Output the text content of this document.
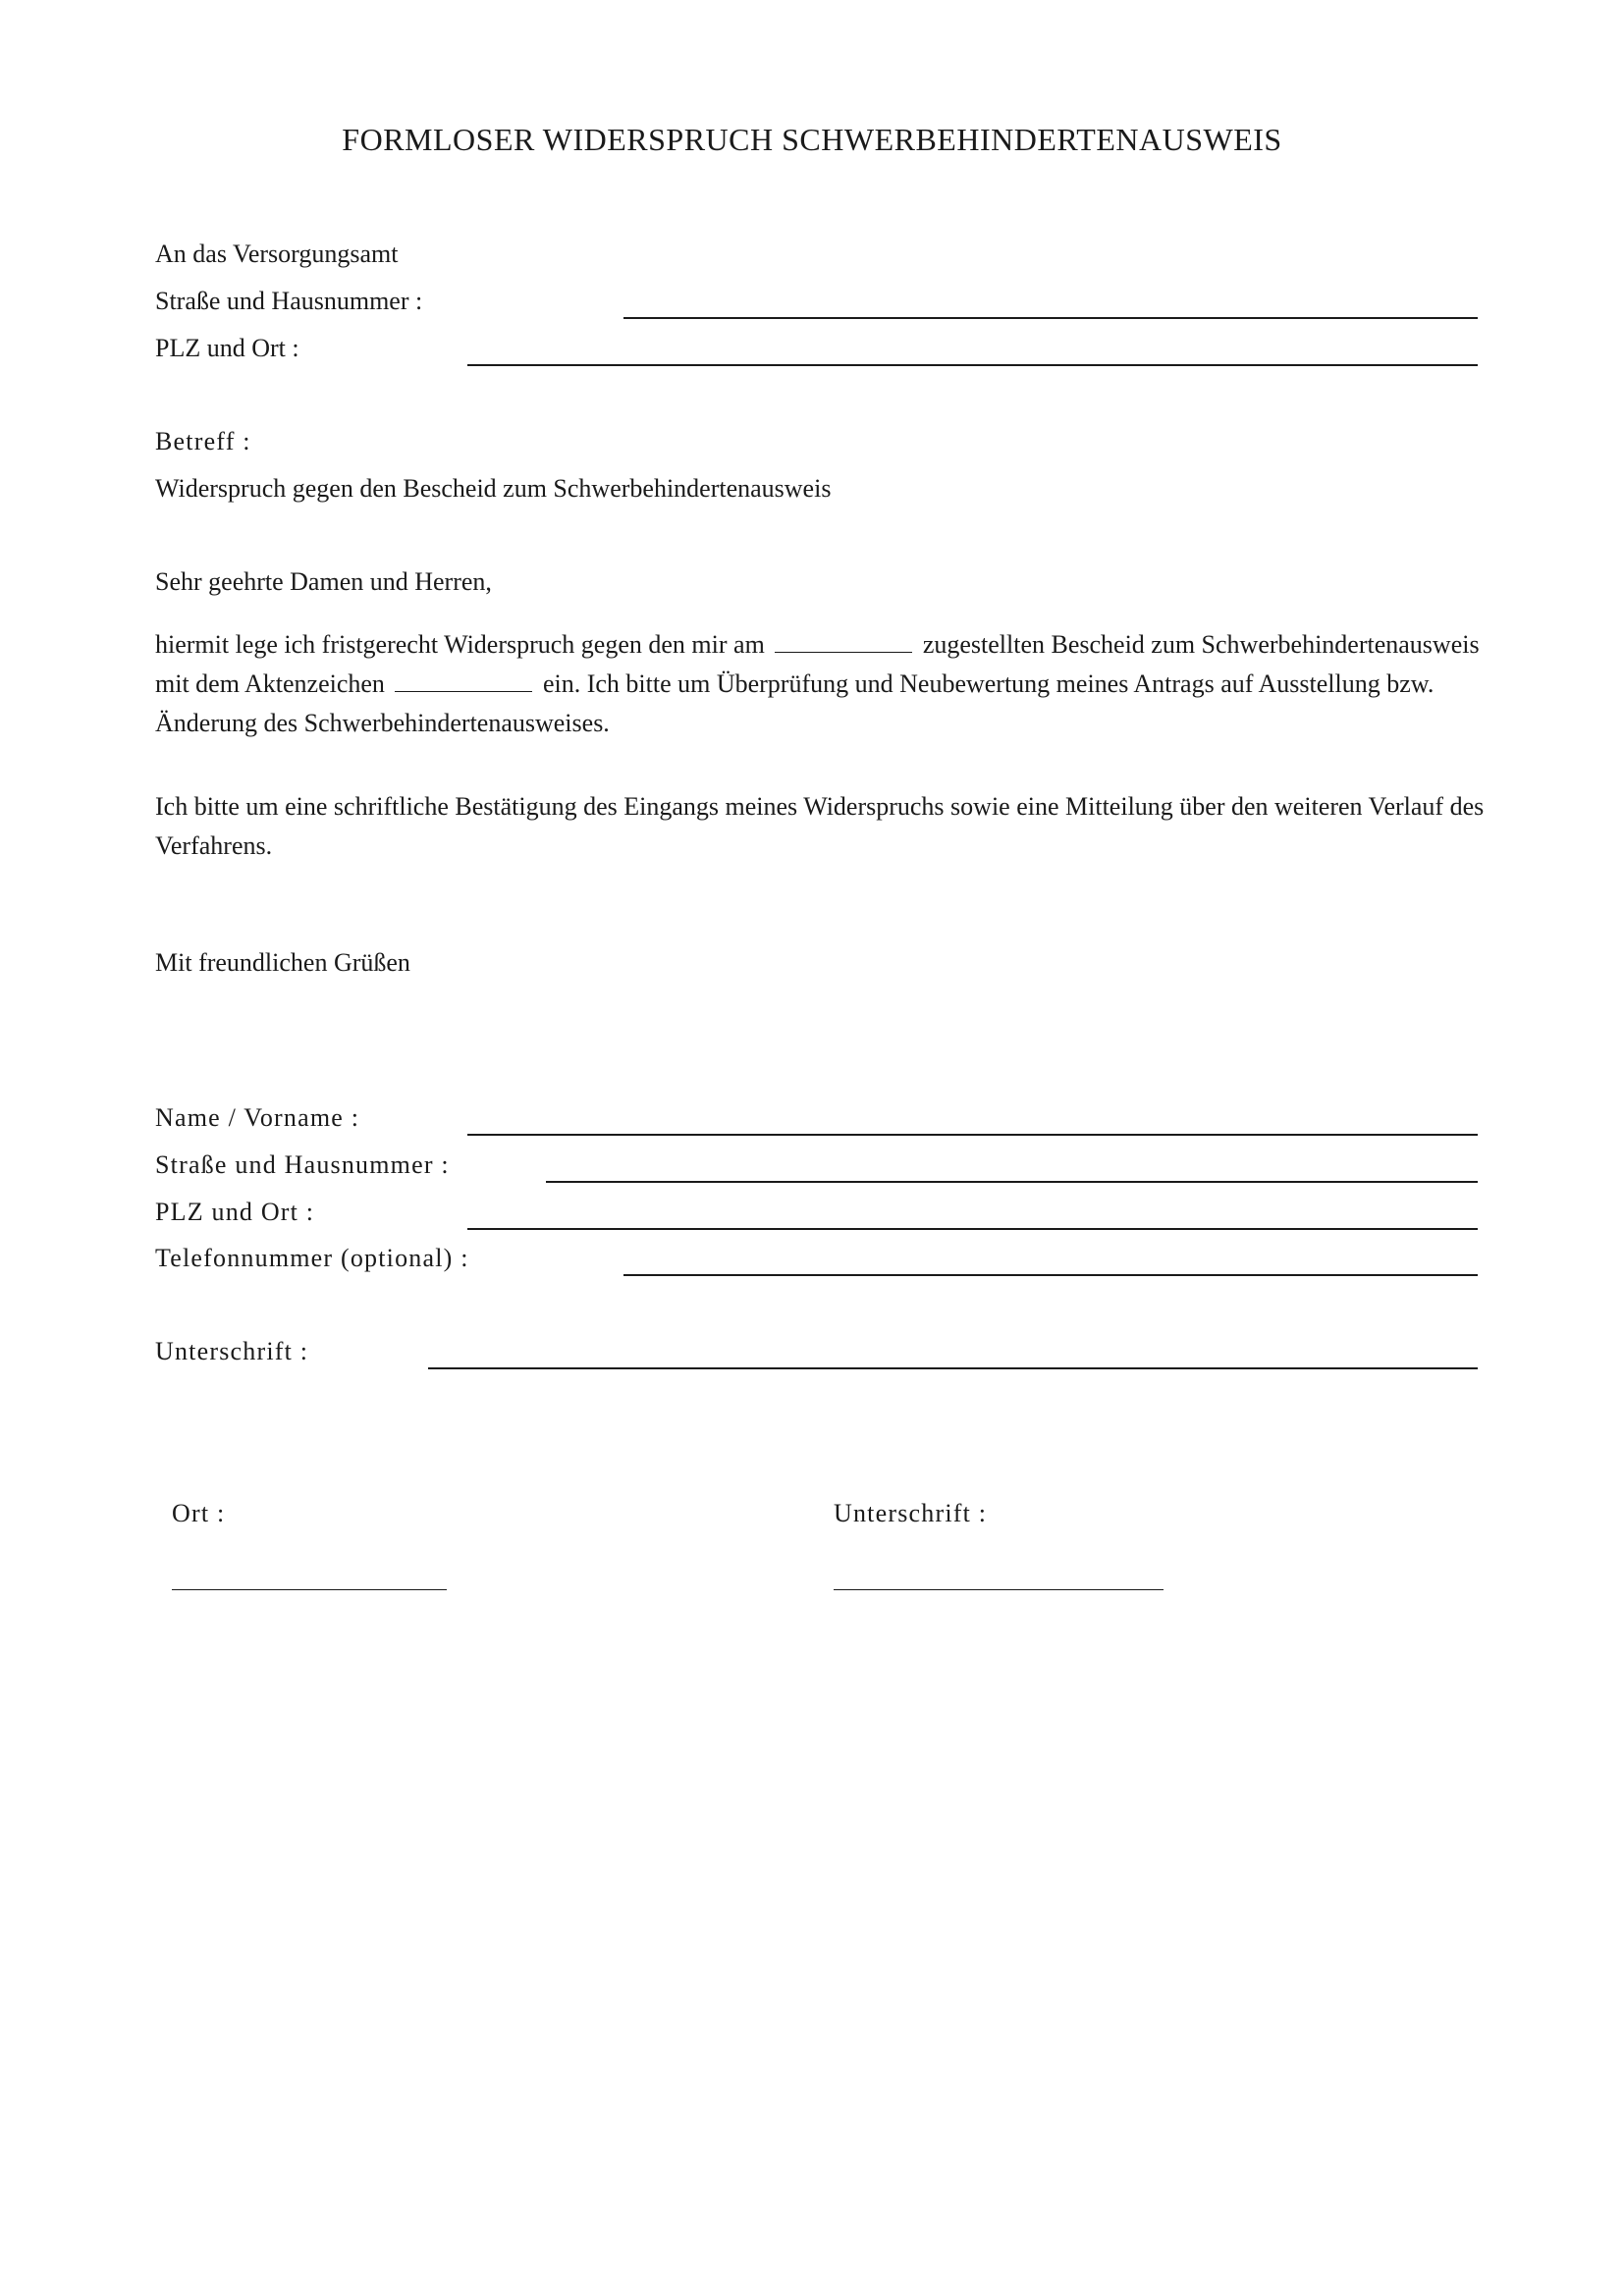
FORMLOSER WIDERSPRUCH SCHWERBEHINDERTENAUSWEIS
An das Versorgungsamt
Straße und Hausnummer :
PLZ und Ort :
Betreff :
Widerspruch gegen den Bescheid zum Schwerbehindertenausweis
Sehr geehrte Damen und Herren,
hiermit lege ich fristgerecht Widerspruch gegen den mir am	zugestellten Bescheid zum Schwerbehindertenausweis mit dem Aktenzeichen	ein. Ich bitte um Überprüfung und Neubewertung meines Antrags auf Ausstellung bzw. Änderung des Schwerbehindertenausweises.
Ich bitte um eine schriftliche Bestätigung des Eingangs meines Widerspruchs sowie eine Mitteilung über den weiteren Verlauf des Verfahrens.
Mit freundlichen Grüßen
Name / Vorname :
Straße und Hausnummer :
PLZ und Ort :
Telefonnummer (optional) :
Unterschrift :
Ort :	Unterschrift :
